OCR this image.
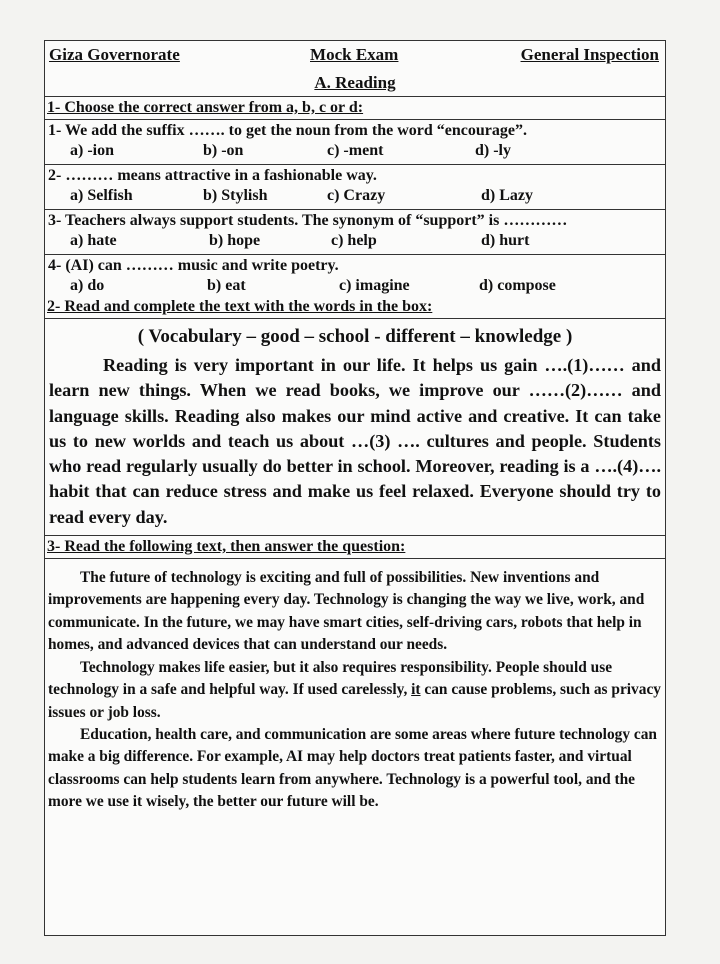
Giza Governorate	Mock Exam	General Inspection
A. Reading
1- Choose the correct answer from a, b, c or d:
1- We add the suffix ……. to get the noun from the word “encourage”.
a) -ion	b) -on	c) -ment	d) -ly
2- ……… means attractive in a fashionable way.
a) Selfish	b) Stylish	c) Crazy	d) Lazy
3- Teachers always support students. The synonym of “support” is …………
a) hate	b) hope	c) help	d) hurt
4- (AI) can ……… music and write poetry.
a) do	b) eat	c) imagine	d) compose
2- Read and complete the text with the words in the box:
( Vocabulary – good – school - different – knowledge )

Reading is very important in our life. It helps us gain ….(1)…… and learn new things. When we read books, we improve our ……(2)…… and language skills. Reading also makes our mind active and creative. It can take us to new worlds and teach us about …(3) …. cultures and people. Students who read regularly usually do better in school. Moreover, reading is a ….(4)…. habit that can reduce stress and make us feel relaxed. Everyone should try to read every day.

3- Read the following text, then answer the question:

The future of technology is exciting and full of possibilities. New inventions and improvements are happening every day. Technology is changing the way we live, work, and communicate. In the future, we may have smart cities, self-driving cars, robots that help in homes, and advanced devices that can understand our needs.

Technology makes life easier, but it also requires responsibility. People should use technology in a safe and helpful way. If used carelessly, it can cause problems, such as privacy issues or job loss.

Education, health care, and communication are some areas where future technology can make a big difference. For example, AI may help doctors treat patients faster, and virtual classrooms can help students learn from anywhere. Technology is a powerful tool, and the more we use it wisely, the better our future will be.
